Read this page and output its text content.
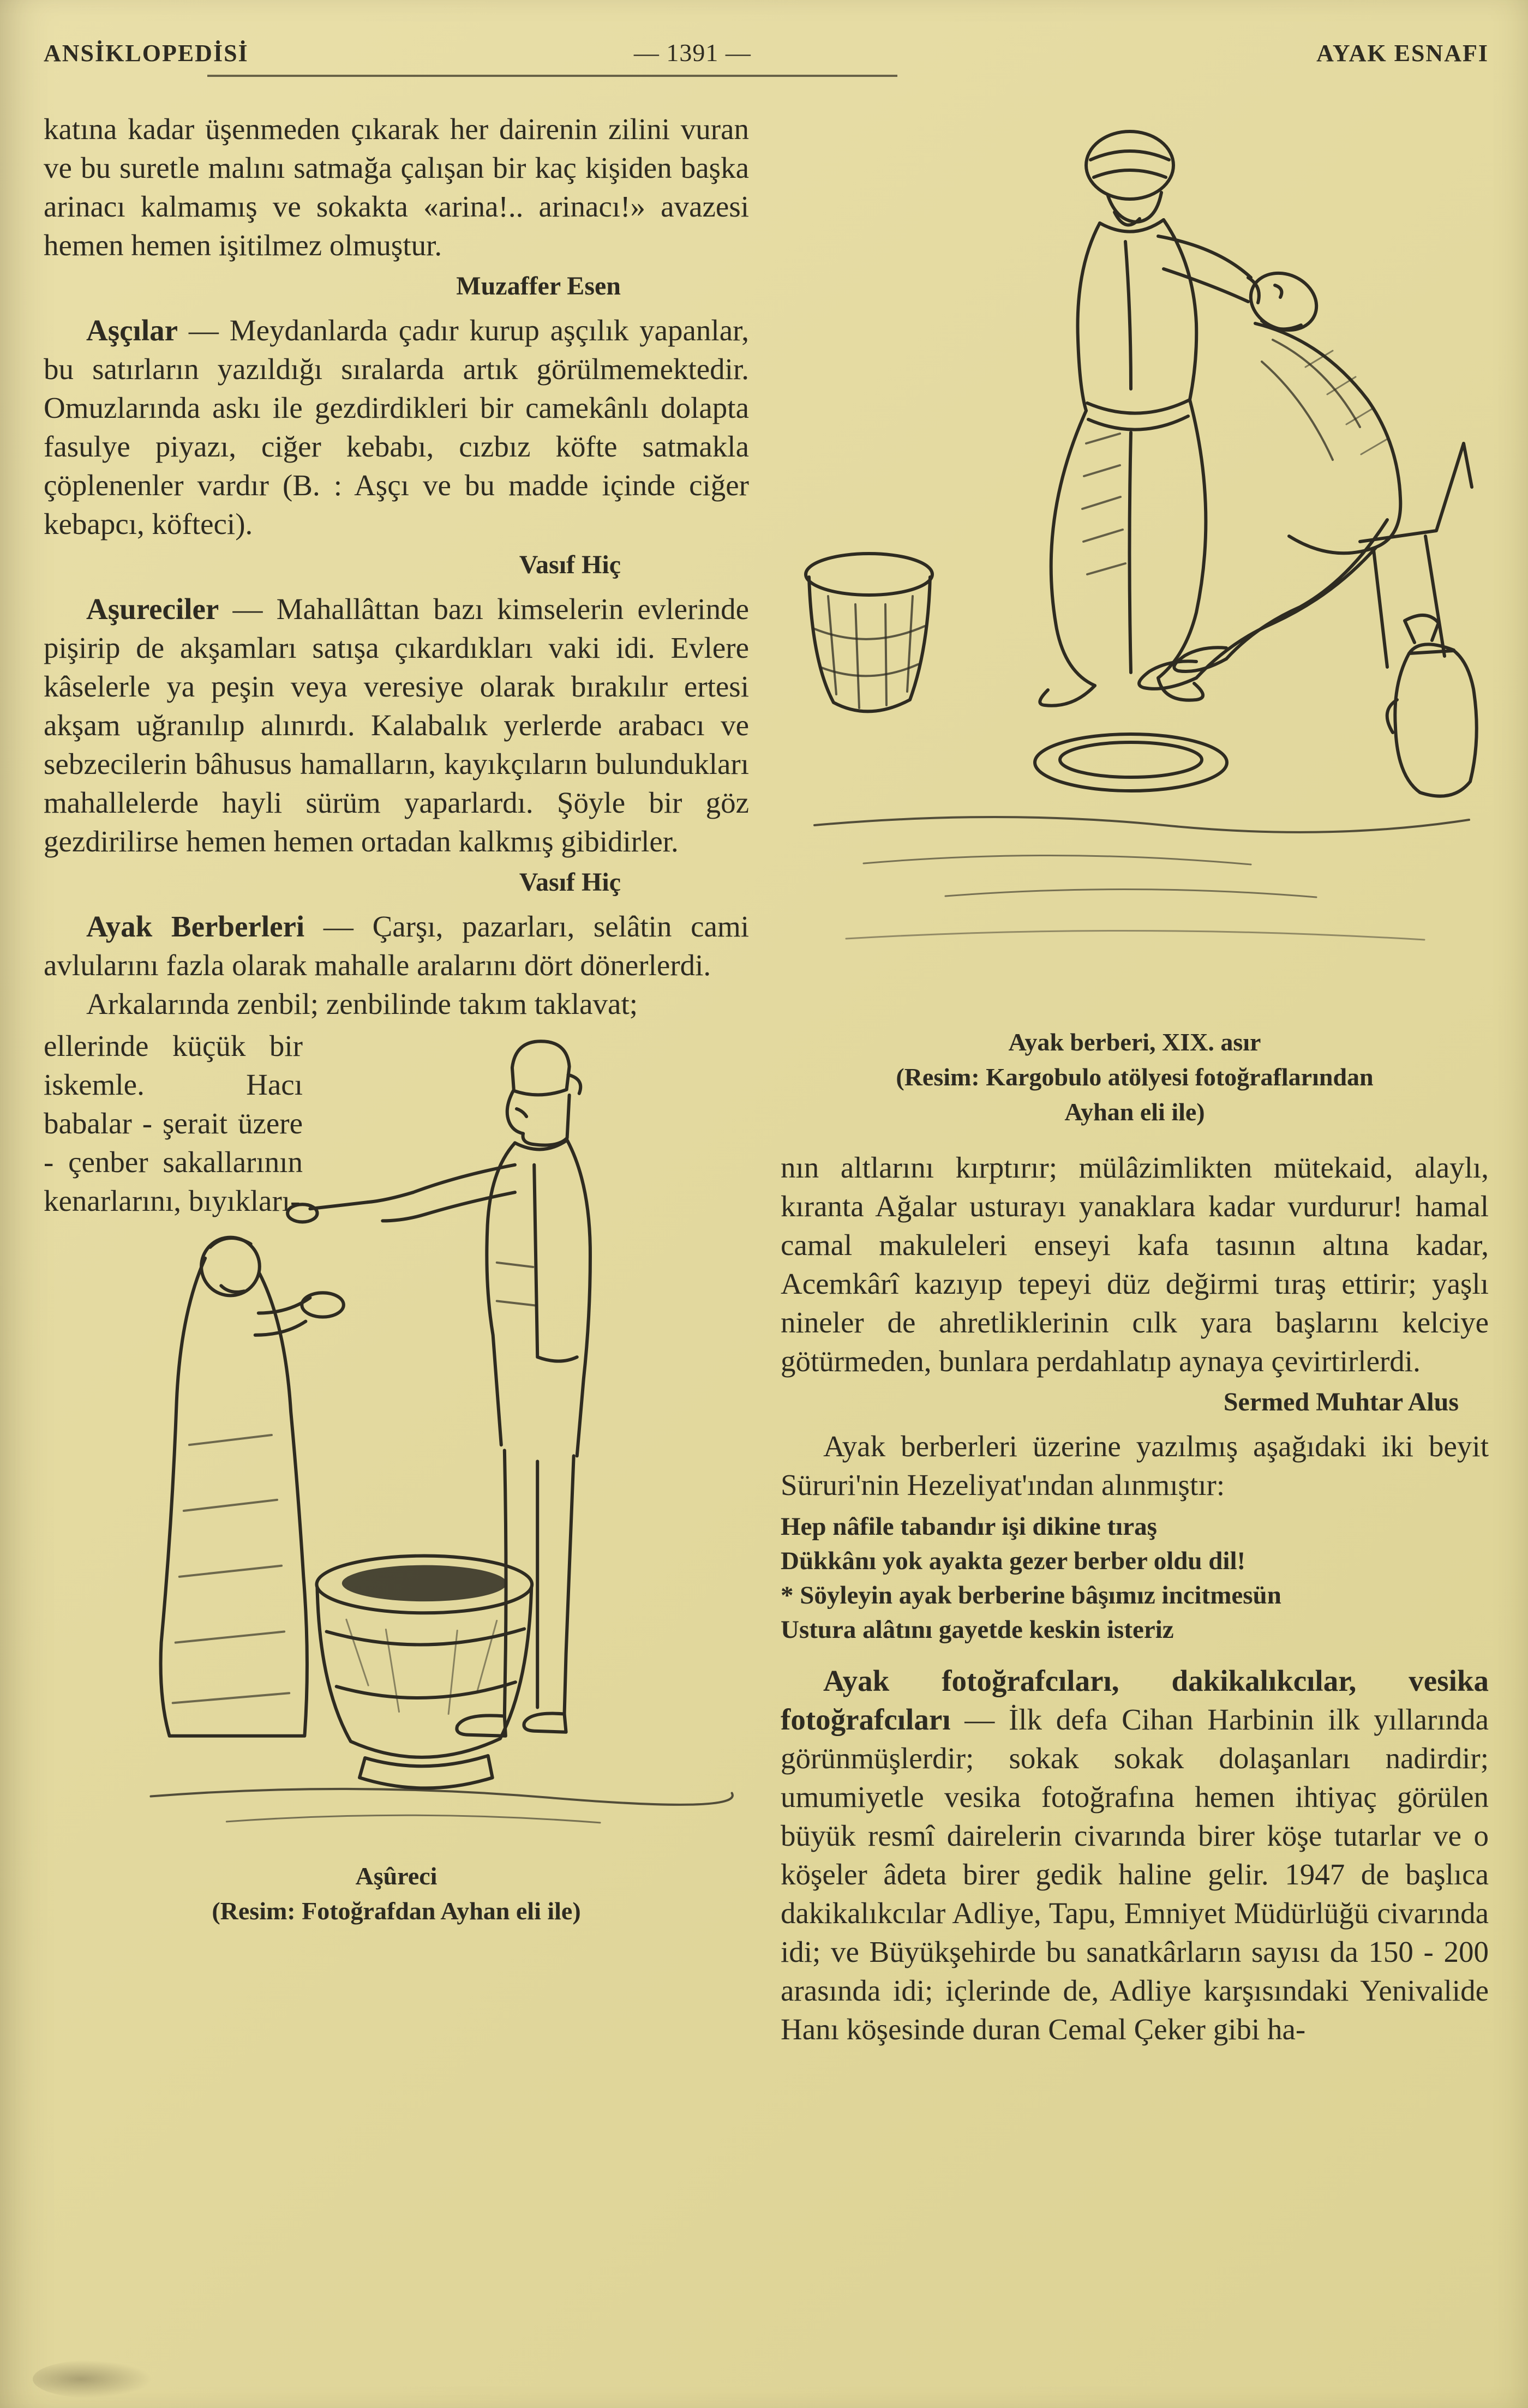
ANSİKLOPEDİSİ	— 1391 —	AYAK ESNAFI

katına kadar üşenmeden çıkarak her dairenin zilini vuran ve bu suretle malını satmağa çalışan bir kaç kişiden başka arinacı kalmamış ve sokakta «arina!.. arinacı!» avazesi hemen hemen işitilmez olmuştur.

Muzaffer Esen

Aşçılar — Meydanlarda çadır kurup aşçılık yapanlar, bu satırların yazıldığı sıralarda artık görülmemektedir. Omuzlarında askı ile gezdirdikleri bir camekânlı dolapta fasulye piyazı, ciğer kebabı, cızbız köfte satmakla çöplenenler vardır (B. : Aşçı ve bu madde içinde ciğer kebapcı, köfteci).

Vasıf Hiç

Aşureciler — Mahallâttan bazı kimselerin evlerinde pişirip de akşamları satışa çıkardıkları vaki idi. Evlere kâselerle ya peşin veya veresiye olarak bırakılır ertesi akşam uğranılıp alınırdı. Kalabalık yerlerde arabacı ve sebzecilerin bâhusus hamalların, kayıkçıların bulundukları mahallelerde hayli sürüm yaparlardı. Şöyle bir göz gezdirilirse hemen hemen ortadan kalkmış gibidirler.

Vasıf Hiç

Ayak Berberleri — Çarşı, pazarları, selâtin cami avlularını fazla olarak mahalle aralarını dört dönerlerdi.

Arkalarında zenbil; zenbilinde takım taklavat;

ellerinde küçük bir iskemle. Hacı babalar - şerait üzere - çenber sakallarının kenarlarını, bıyıkları-

Aşûreci
(Resim: Fotoğrafdan Ayhan eli ile)
Ayak berberi, XIX. asır
(Resim: Kargobulo atölyesi fotoğraflarından
Ayhan eli ile)

nın altlarını kırptırır; mülâzimlikten mütekaid, alaylı, kıranta Ağalar usturayı yanaklara kadar vurdurur! hamal camal makuleleri enseyi kafa tasının altına kadar, Acemkârî kazıyıp tepeyi düz değirmi tıraş ettirir; yaşlı nineler de ahretliklerinin cılk yara başlarını kelciye götürmeden, bunlara perdahlatıp aynaya çevirtirlerdi.

Sermed Muhtar Alus

Ayak berberleri üzerine yazılmış aşağıdaki iki beyit Süruri'nin Hezeliyat'ından alınmıştır:

Hep nâfile tabandır işi dikine tıraş
Dükkânı yok ayakta gezer berber oldu dil!
* Söyleyin ayak berberine bâşımız incitmesün
Ustura alâtını gayetde keskin isteriz

Ayak fotoğrafcıları, dakikalıkcılar, vesika fotoğrafcıları — İlk defa Cihan Harbinin ilk yıllarında görünmüşlerdir; sokak sokak dolaşanları nadirdir; umumiyetle vesika fotoğrafına hemen ihtiyaç görülen büyük resmî dairelerin civarında birer köşe tutarlar ve o köşeler âdeta birer gedik haline gelir. 1947 de başlıca dakikalıkcılar Adliye, Tapu, Emniyet Müdürlüğü civarında idi; ve Büyükşehirde bu sanatkârların sayısı da 150 - 200 arasında idi; içlerinde de, Adliye karşısındaki Yenivalide Hanı köşesinde duran Cemal Çeker gibi ha-
